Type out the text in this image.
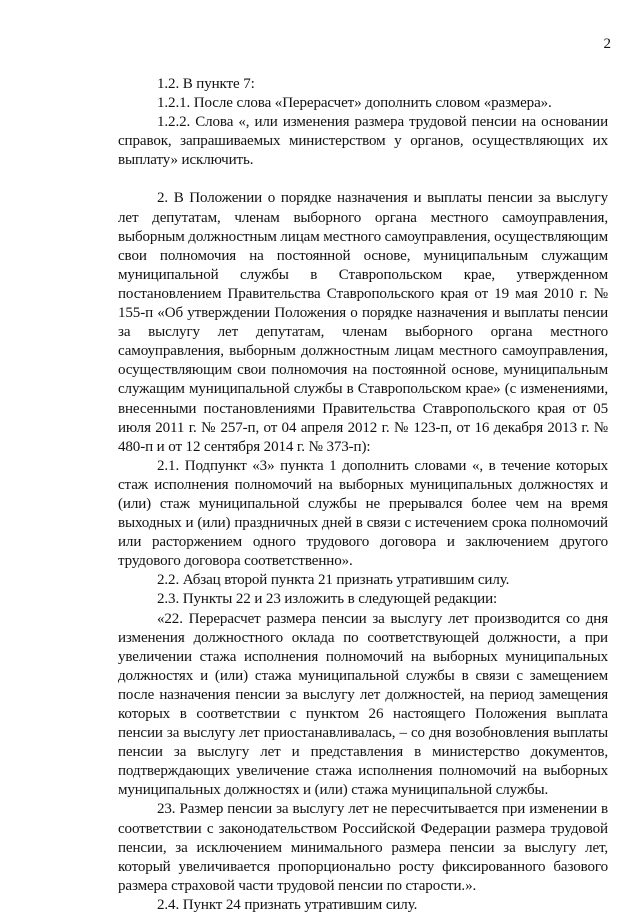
2

1.2. В пункте 7:

1.2.1. После слова «Перерасчет» дополнить словом «размера».

1.2.2. Слова «, или изменения размера трудовой пенсии на основании справок, запрашиваемых министерством у органов, осуществляющих их выплату» исключить.

2. В Положении о порядке назначения и выплаты пенсии за выслугу лет депутатам, членам выборного органа местного самоуправления, выборным должностным лицам местного самоуправления, осуществляющим свои полномочия на постоянной основе, муниципальным служащим муниципальной службы в Ставропольском крае, утвержденном постановлением Правительства Ставропольского края от 19 мая 2010 г. № 155-п «Об утверждении Положения о порядке назначения и выплаты пенсии за выслугу лет депутатам, членам выборного органа местного самоуправления, выборным должностным лицам местного самоуправления, осуществляющим свои полномочия на постоянной основе, муниципальным служащим муниципальной службы в Ставропольском крае» (с изменениями, внесенными постановлениями Правительства Ставропольского края от 05 июля 2011 г. № 257-п, от 04 апреля 2012 г. № 123-п, от 16 декабря 2013 г. № 480-п и от 12 сентября 2014 г. № 373-п):

2.1. Подпункт «3» пункта 1 дополнить словами «, в течение которых стаж исполнения полномочий на выборных муниципальных должностях и (или) стаж муниципальной службы не прерывался более чем на время выходных и (или) праздничных дней в связи с истечением срока полномочий или расторжением одного трудового договора и заключением другого трудового договора соответственно».

2.2. Абзац второй пункта 21 признать утратившим силу.

2.3. Пункты 22 и 23 изложить в следующей редакции:

«22. Перерасчет размера пенсии за выслугу лет производится со дня изменения должностного оклада по соответствующей должности, а при увеличении стажа исполнения полномочий на выборных муниципальных должностях и (или) стажа муниципальной службы в связи с замещением после назначения пенсии за выслугу лет должностей, на период замещения которых в соответствии с пунктом 26 настоящего Положения выплата пенсии за выслугу лет приостанавливалась, – со дня возобновления выплаты пенсии за выслугу лет и представления в министерство документов, подтверждающих увеличение стажа исполнения полномочий на выборных муниципальных должностях и (или) стажа муниципальной службы.

23. Размер пенсии за выслугу лет не пересчитывается при изменении в соответствии с законодательством Российской Федерации размера трудовой пенсии, за исключением минимального размера пенсии за выслугу лет, который увеличивается пропорционально росту фиксированного базового размера страховой части трудовой пенсии по старости.».

2.4. Пункт 24 признать утратившим силу.
